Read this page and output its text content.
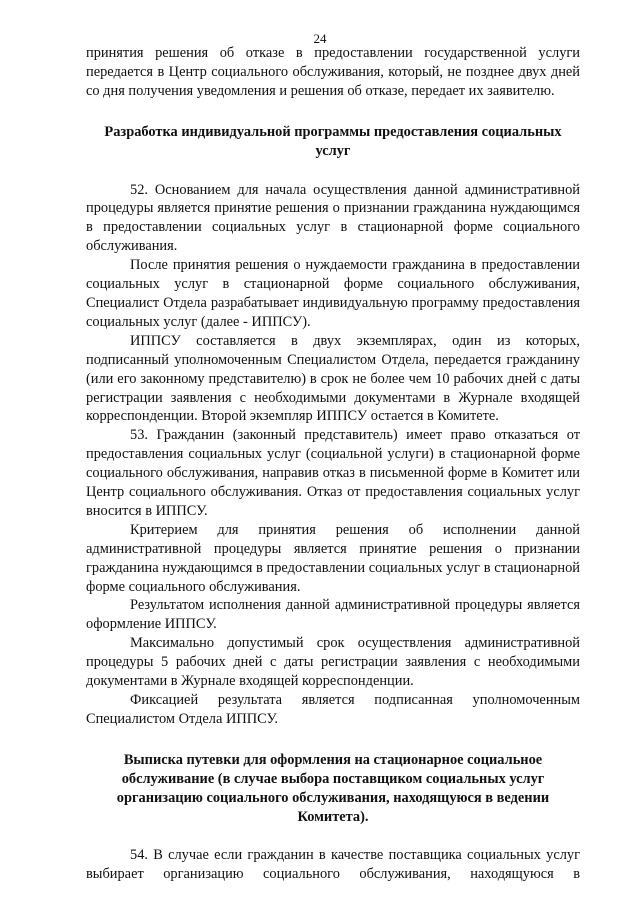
24

принятия решения об отказе в предоставлении государственной услуги передается в Центр социального обслуживания, который, не позднее двух дней со дня получения уведомления и решения об отказе, передает их заявителю.

Разработка индивидуальной программы предоставления социальных услуг

52. Основанием для начала осуществления данной административной процедуры является принятие решения о признании гражданина нуждающимся в предоставлении социальных услуг в стационарной форме социального обслуживания.

После принятия решения о нуждаемости гражданина в предоставлении социальных услуг в стационарной форме социального обслуживания, Специалист Отдела разрабатывает индивидуальную программу предоставления социальных услуг (далее - ИППСУ).

ИППСУ составляется в двух экземплярах, один из которых, подписанный уполномоченным Специалистом Отдела, передается гражданину (или его законному представителю) в срок не более чем 10 рабочих дней с даты регистрации заявления с необходимыми документами в Журнале входящей корреспонденции. Второй экземпляр ИППСУ остается в Комитете.

53. Гражданин (законный представитель) имеет право отказаться от предоставления социальных услуг (социальной услуги) в стационарной форме социального обслуживания, направив отказ в письменной форме в Комитет или Центр социального обслуживания. Отказ от предоставления социальных услуг вносится в ИППСУ.

Критерием для принятия решения об исполнении данной административной процедуры является принятие решения о признании гражданина нуждающимся в предоставлении социальных услуг в стационарной форме социального обслуживания.

Результатом исполнения данной административной процедуры является оформление ИППСУ.

Максимально допустимый срок осуществления административной процедуры 5 рабочих дней с даты регистрации заявления с необходимыми документами в Журнале входящей корреспонденции.

Фиксацией результата является подписанная уполномоченным Специалистом Отдела ИППСУ.

Выписка путевки для оформления на стационарное социальное обслуживание (в случае выбора поставщиком социальных услуг организацию социального обслуживания, находящуюся в ведении Комитета).

54. В случае если гражданин в качестве поставщика социальных услуг выбирает организацию социального обслуживания, находящуюся в
